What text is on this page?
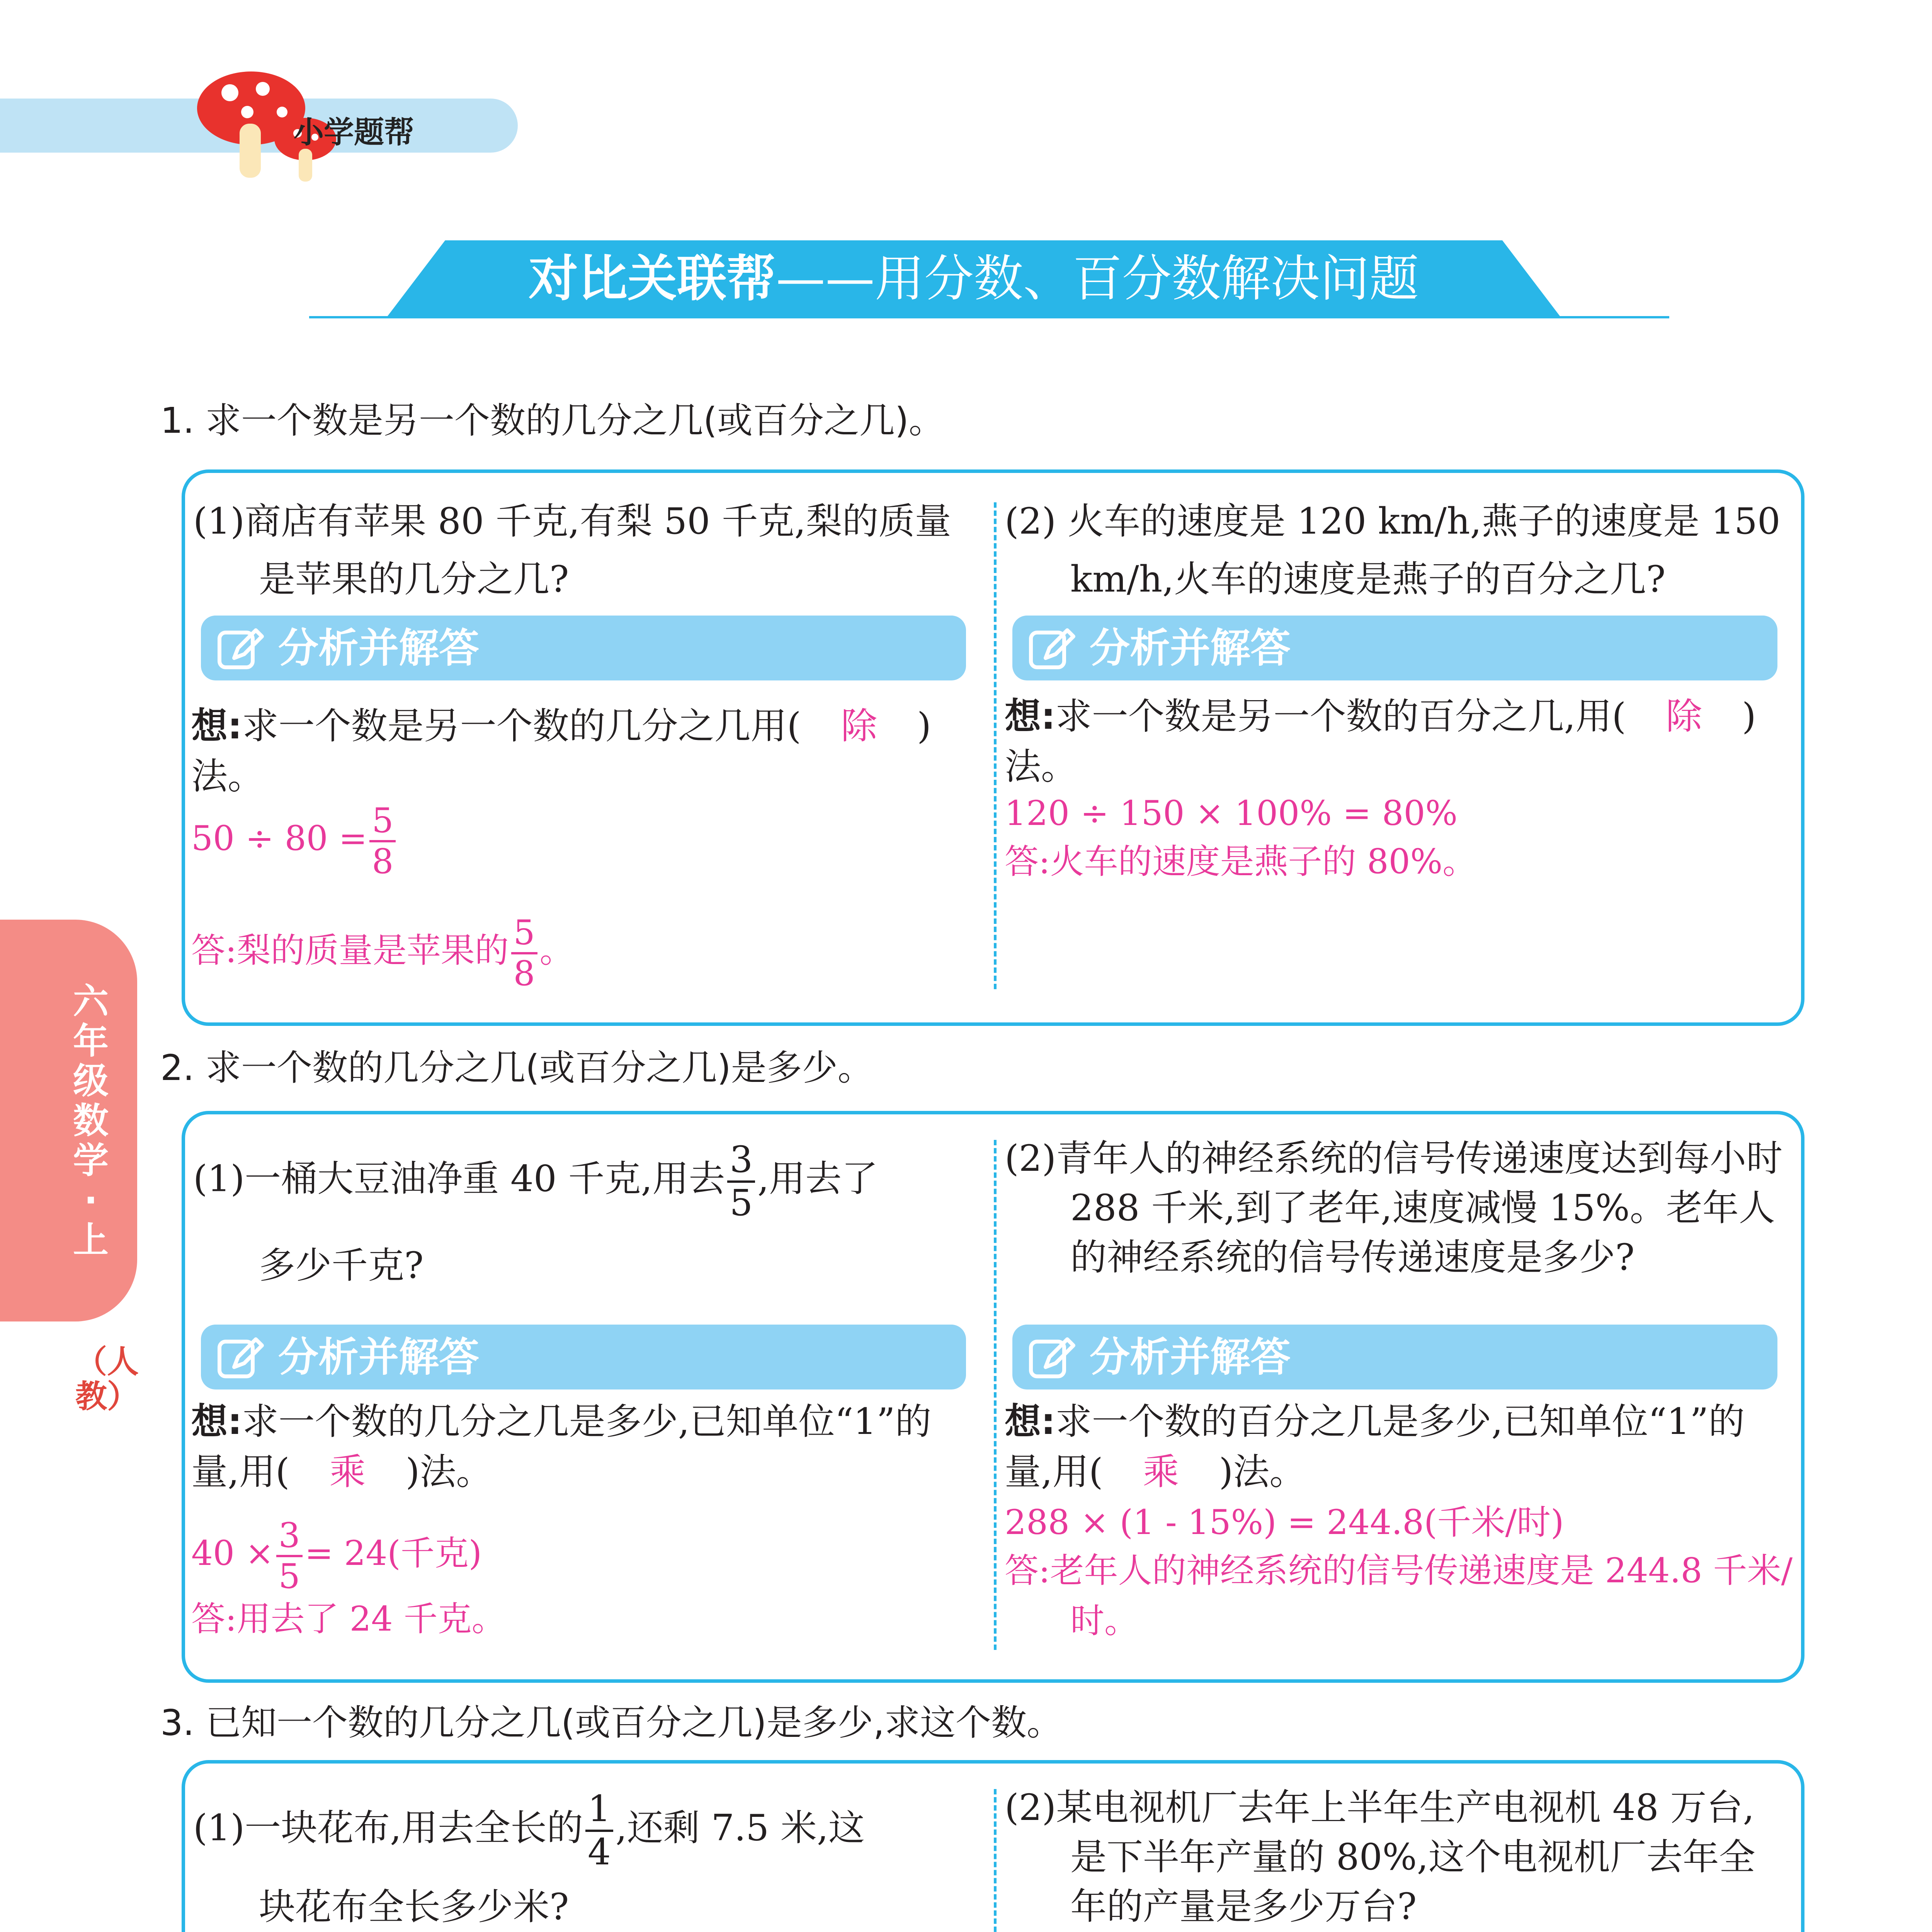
小学题帮
对比关联帮——用分数、百分数解决问题
六年级数学·上
（人教）
1. 求一个数是另一个数的几分之几(或百分之几)。
(1)商店有苹果 80 千克,有梨 50 千克,梨的质量是苹果的几分之几?
分析并解答
想:求一个数是另一个数的几分之几用( 除 )法。
$50 \div 80 = \frac{5}{8}$
答:梨的质量是苹果的 $\frac{5}{8}$ 。
(2) 火车的速度是 120 km/h,燕子的速度是 150 km/h,火车的速度是燕子的百分之几?
分析并解答
想:求一个数是另一个数的百分之几,用( 除 )法。
120 ÷ 150 × 100% = 80%
答:火车的速度是燕子的 80%。
2. 求一个数的几分之几(或百分之几)是多少。
(1)一桶大豆油净重 40 千克,用去 $\frac{3}{5}$ ,用去了
多少千克?
分析并解答
想:求一个数的几分之几是多少,已知单位“1”的量,用( 乘 )法。
$40 \times \frac{3}{5} = 24$(千克)
答:用去了 24 千克。
(2)青年人的神经系统的信号传递速度达到每小时 288 千米,到了老年,速度减慢 15%。老年人的神经系统的信号传递速度是多少?
分析并解答
想:求一个数的百分之几是多少,已知单位“1”的量,用( 乘 )法。
288 × (1 - 15%) = 244.8(千米/时)
答:老年人的神经系统的信号传递速度是 244.8 千米/时。
3. 已知一个数的几分之几(或百分之几)是多少,求这个数。
(1)一块花布,用去全长的 $\frac{1}{4}$ ,还剩 7.5 米,这
块花布全长多少米?
(2)某电视机厂去年上半年生产电视机 48 万台,是下半年产量的 80%,这个电视机厂去年全年的产量是多少万台?
